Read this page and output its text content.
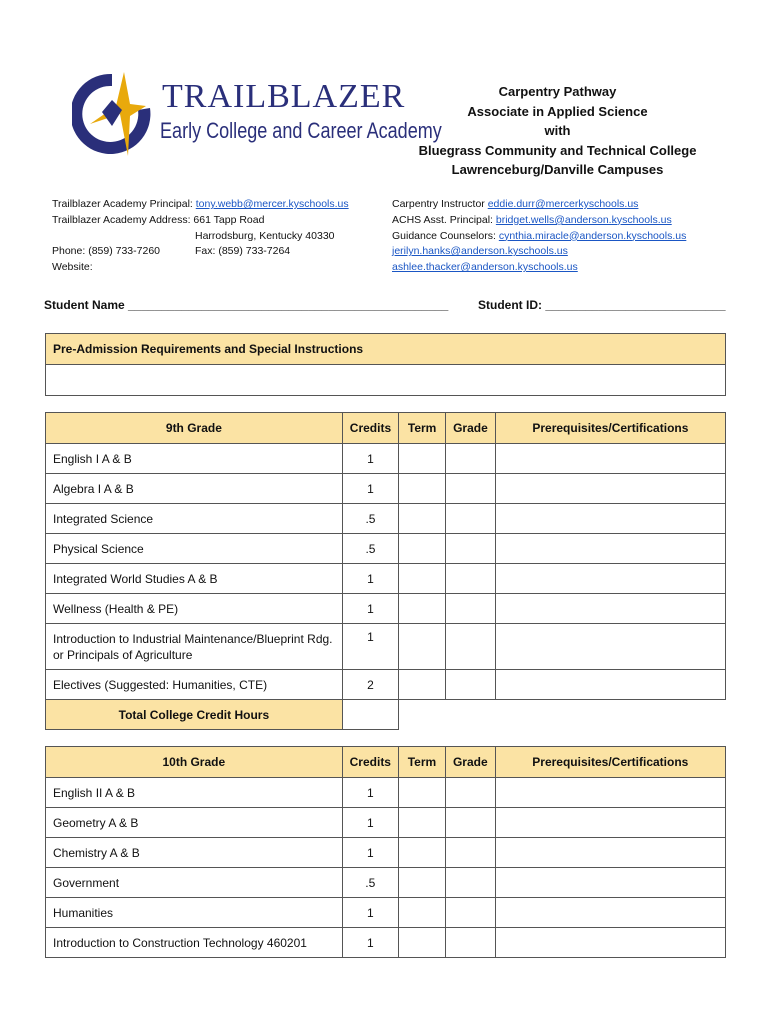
TRAILBLAZER
Early College and Career Academy
Carpentry Pathway
Associate in Applied Science
with
Bluegrass Community and Technical College
Lawrenceburg/Danville Campuses
Trailblazer Academy Principal: tony.webb@mercer.kyschools.us
Trailblazer Academy Address: 661 Tapp Road
Harrodsburg, Kentucky 40330
Phone: (859) 733-7260	Fax: (859) 733-7264
Website:
Carpentry Instructor eddie.durr@mercerkyschools.us
ACHS Asst. Principal: bridget.wells@anderson.kyschools.us
Guidance Counselors: cynthia.miracle@anderson.kyschools.us
jerilyn.hanks@anderson.kyschools.us
ashlee.thacker@anderson.kyschools.us
Student Name ________________________________________________ Student ID: ___________________________
Pre-Admission Requirements and Special Instructions

9th Grade	Credits	Term	Grade	Prerequisites/Certifications
English I A & B	1			
Algebra I A & B	1			
Integrated Science	.5			
Physical Science	.5			
Integrated World Studies A & B	1			
Wellness (Health & PE)	1			
Introduction to Industrial Maintenance/Blueprint Rdg. or Principals of Agriculture	1			
Electives (Suggested: Humanities, CTE)	2			
Total College Credit Hours				
10th Grade	Credits	Term	Grade	Prerequisites/Certifications
English II A & B	1			
Geometry A & B	1			
Chemistry A & B	1			
Government	.5			
Humanities	1			
Introduction to Construction Technology 460201	1			
